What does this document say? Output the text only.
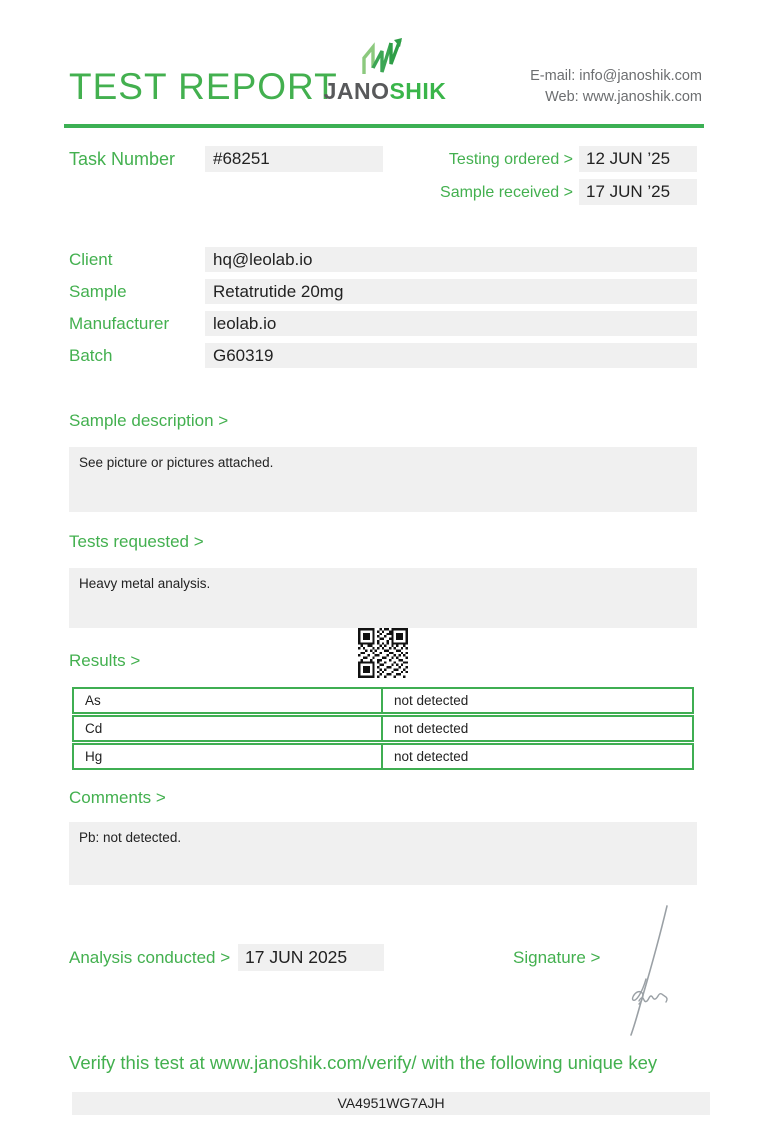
TEST REPORT
JANOSHIK
E-mail: info@janoshik.com
Web: www.janoshik.com
Task Number	#68251	Testing ordered > 12 JUN ’25
Sample received > 17 JUN ’25
Client	hq@leolab.io
Sample	Retatrutide 20mg
Manufacturer	leolab.io
Batch	G60319
Sample description >
See picture or pictures attached.
Tests requested >
Heavy metal analysis.
Results >
As	not detected
Cd	not detected
Hg	not detected
Comments >
Pb: not detected.
Analysis conducted > 17 JUN 2025	Signature >
Verify this test at www.janoshik.com/verify/ with the following unique key
VA4951WG7AJH
